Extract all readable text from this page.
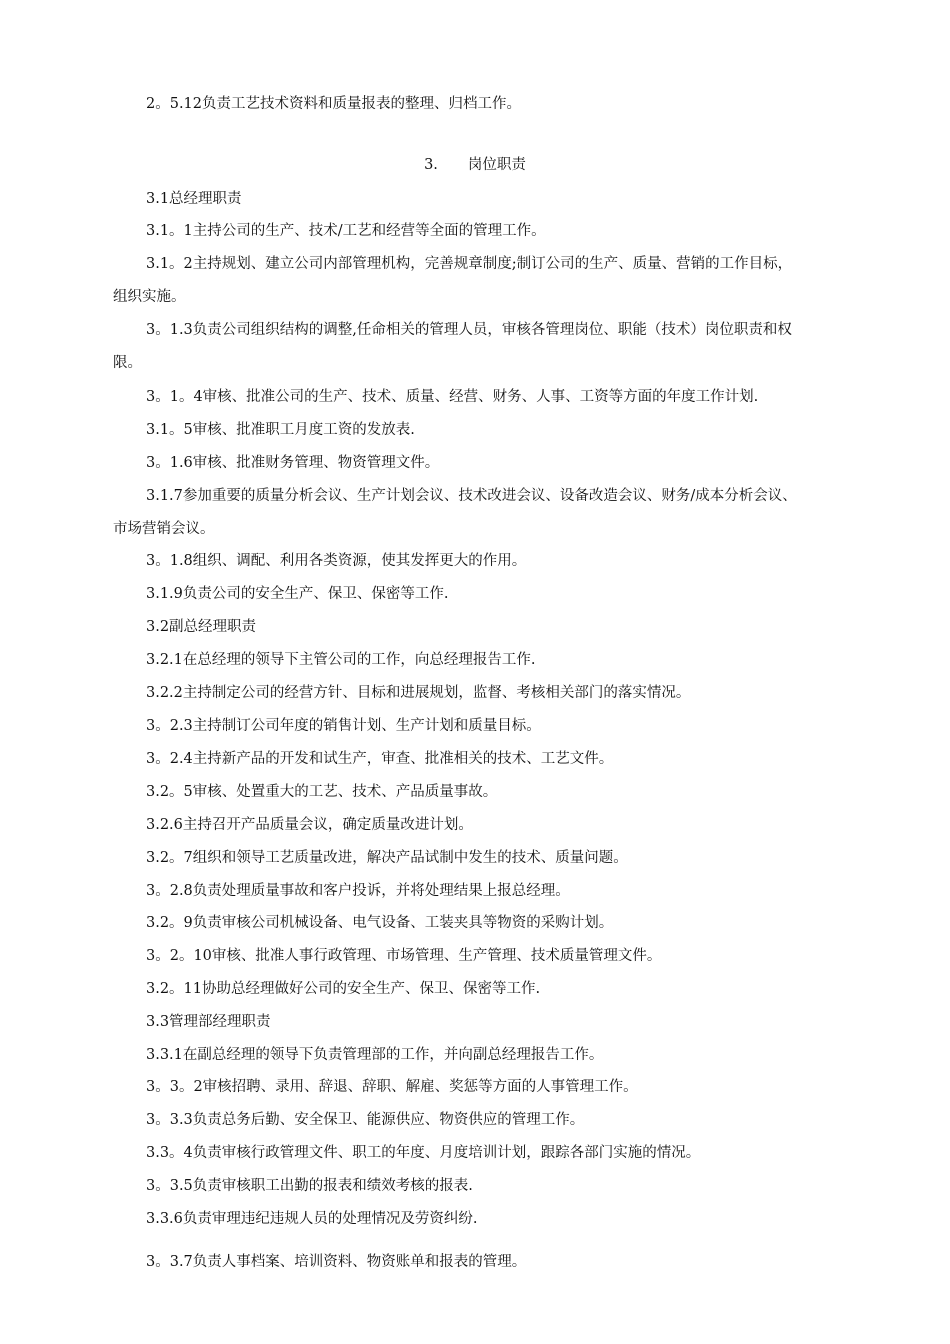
2。5.12负责工艺技术资料和质量报表的整理、归档工作。
3. 岗位职责
3.1总经理职责
3.1。1主持公司的生产、技术/工艺和经营等全面的管理工作。
3.1。2主持规划、建立公司内部管理机构，完善规章制度;制订公司的生产、质量、营销的工作目标，
组织实施。
3。1.3负责公司组织结构的调整,任命相关的管理人员，审核各管理岗位、职能（技术）岗位职责和权
限。
3。1。4审核、批准公司的生产、技术、质量、经营、财务、人事、工资等方面的年度工作计划.
3.1。5审核、批准职工月度工资的发放表.
3。1.6审核、批准财务管理、物资管理文件。
3.1.7参加重要的质量分析会议、生产计划会议、技术改进会议、设备改造会议、财务/成本分析会议、
市场营销会议。
3。1.8组织、调配、利用各类资源，使其发挥更大的作用。
3.1.9负责公司的安全生产、保卫、保密等工作.
3.2副总经理职责
3.2.1在总经理的领导下主管公司的工作，向总经理报告工作.
3.2.2主持制定公司的经营方针、目标和进展规划，监督、考核相关部门的落实情况。
3。2.3主持制订公司年度的销售计划、生产计划和质量目标。
3。2.4主持新产品的开发和试生产，审查、批准相关的技术、工艺文件。
3.2。5审核、处置重大的工艺、技术、产品质量事故。
3.2.6主持召开产品质量会议，确定质量改进计划。
3.2。7组织和领导工艺质量改进，解决产品试制中发生的技术、质量问题。
3。2.8负责处理质量事故和客户投诉，并将处理结果上报总经理。
3.2。9负责审核公司机械设备、电气设备、工装夹具等物资的采购计划。
3。2。10审核、批准人事行政管理、市场管理、生产管理、技术质量管理文件。
3.2。11协助总经理做好公司的安全生产、保卫、保密等工作.
3.3管理部经理职责
3.3.1在副总经理的领导下负责管理部的工作，并向副总经理报告工作。
3。3。2审核招聘、录用、辞退、辞职、解雇、奖惩等方面的人事管理工作。
3。3.3负责总务后勤、安全保卫、能源供应、物资供应的管理工作。
3.3。4负责审核行政管理文件、职工的年度、月度培训计划，跟踪各部门实施的情况。
3。3.5负责审核职工出勤的报表和绩效考核的报表.
3.3.6负责审理违纪违规人员的处理情况及劳资纠纷.
3。3.7负责人事档案、培训资料、物资账单和报表的管理。
